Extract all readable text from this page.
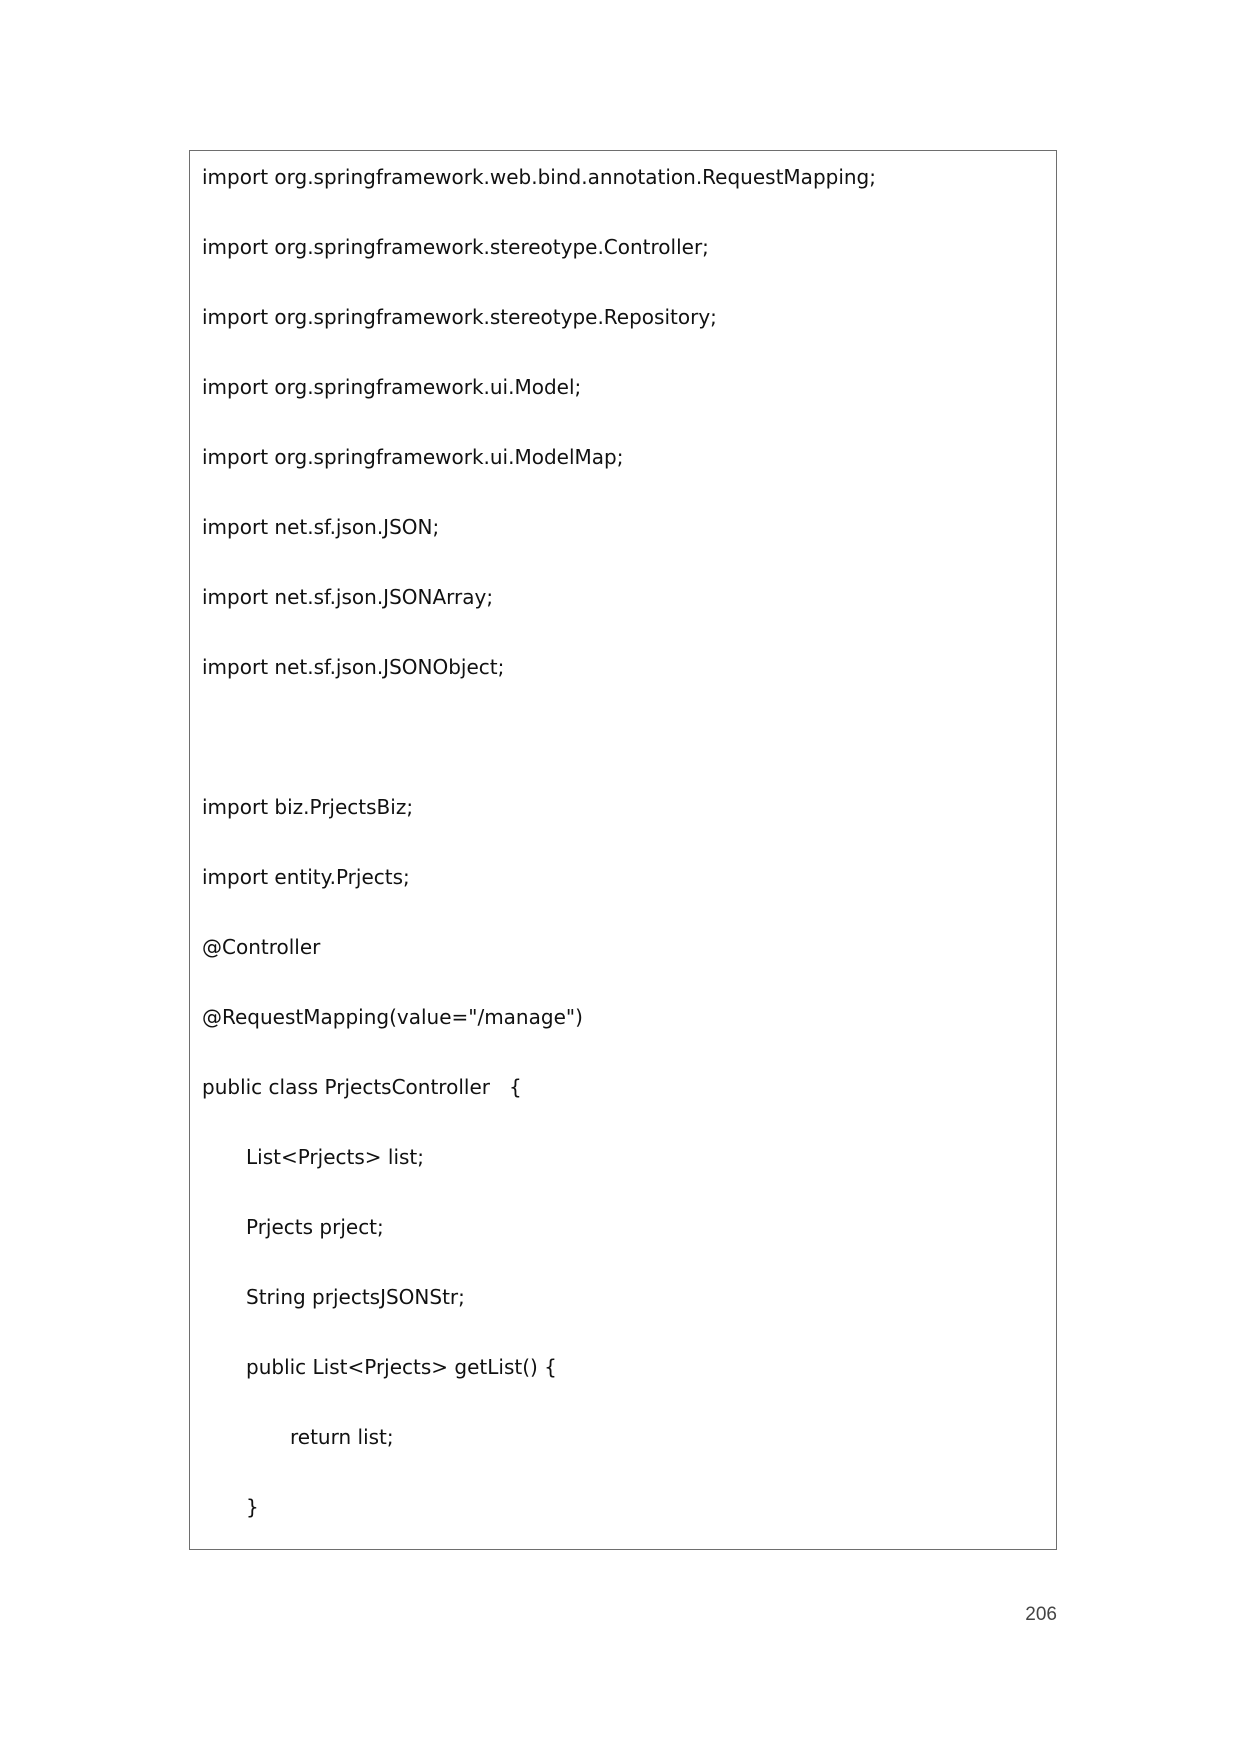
import org.springframework.web.bind.annotation.RequestMapping;
import org.springframework.stereotype.Controller;
import org.springframework.stereotype.Repository;
import org.springframework.ui.Model;
import org.springframework.ui.ModelMap;
import net.sf.json.JSON;
import net.sf.json.JSONArray;
import net.sf.json.JSONObject;
import biz.PrjectsBiz;
import entity.Prjects;
@Controller
@RequestMapping(value="/manage")
public class PrjectsController   {
List<Prjects> list;
Prjects prject;
String prjectsJSONStr;
public List<Prjects> getList() {
return list;
}
206
